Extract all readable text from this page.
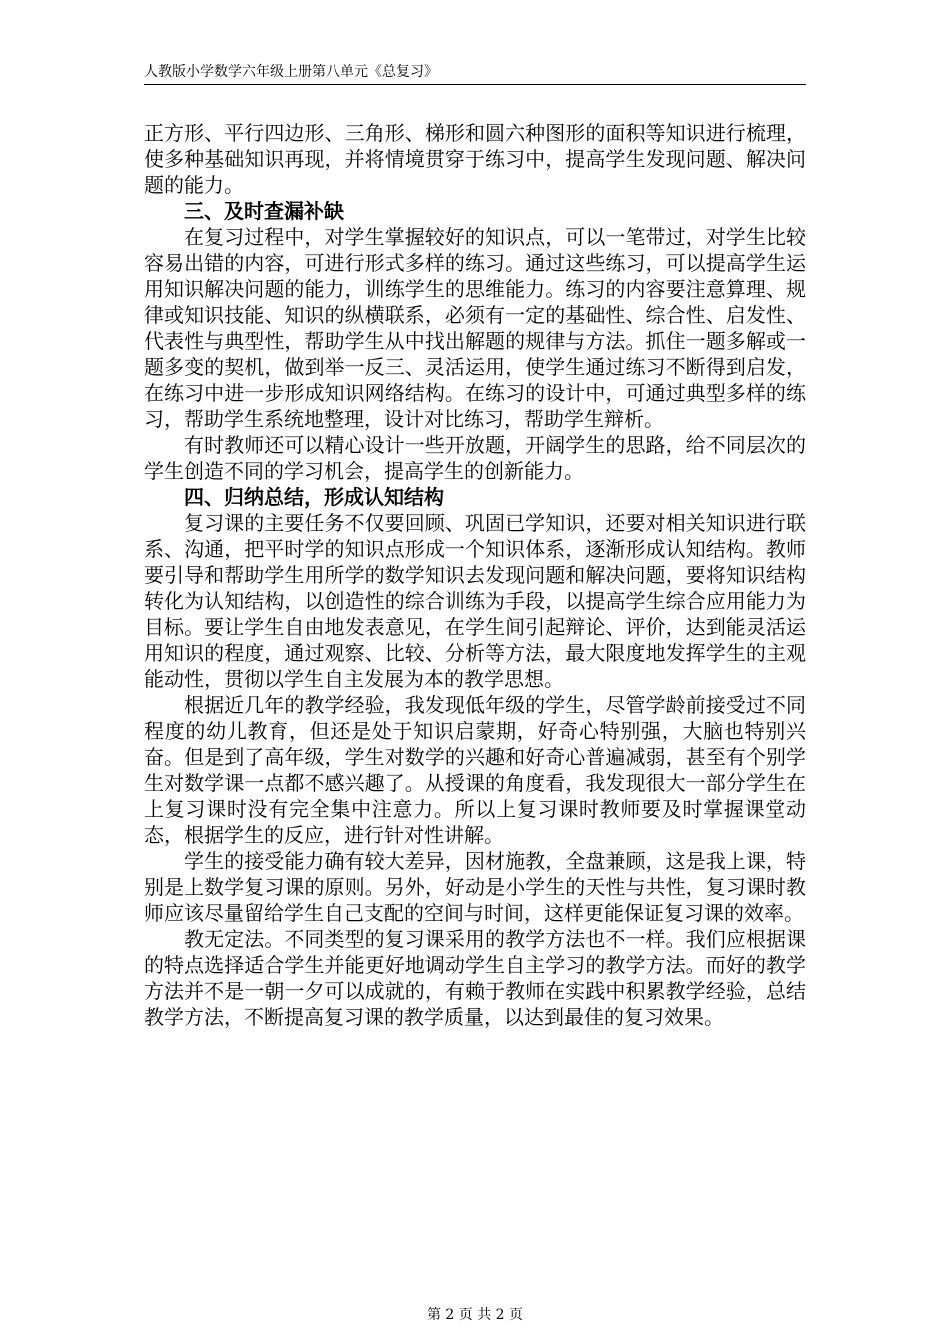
人教版小学数学六年级上册第八单元《总复习》

正方形、平行四边形、三角形、梯形和圆六种图形的面积等知识进行梳理，使多种基础知识再现，并将情境贯穿于练习中，提高学生发现问题、解决问题的能力。

三、及时查漏补缺

在复习过程中，对学生掌握较好的知识点，可以一笔带过，对学生比较容易出错的内容，可进行形式多样的练习。通过这些练习，可以提高学生运用知识解决问题的能力，训练学生的思维能力。练习的内容要注意算理、规律或知识技能、知识的纵横联系，必须有一定的基础性、综合性、启发性、代表性与典型性，帮助学生从中找出解题的规律与方法。抓住一题多解或一题多变的契机，做到举一反三、灵活运用，使学生通过练习不断得到启发，在练习中进一步形成知识网络结构。在练习的设计中，可通过典型多样的练习，帮助学生系统地整理，设计对比练习，帮助学生辩析。

有时教师还可以精心设计一些开放题，开阔学生的思路，给不同层次的学生创造不同的学习机会，提高学生的创新能力。

四、归纳总结，形成认知结构

复习课的主要任务不仅要回顾、巩固已学知识，还要对相关知识进行联系、沟通，把平时学的知识点形成一个知识体系，逐渐形成认知结构。教师要引导和帮助学生用所学的数学知识去发现问题和解决问题，要将知识结构转化为认知结构，以创造性的综合训练为手段，以提高学生综合应用能力为目标。要让学生自由地发表意见，在学生间引起辩论、评价，达到能灵活运用知识的程度，通过观察、比较、分析等方法，最大限度地发挥学生的主观能动性，贯彻以学生自主发展为本的教学思想。

根据近几年的教学经验，我发现低年级的学生，尽管学龄前接受过不同程度的幼儿教育，但还是处于知识启蒙期，好奇心特别强，大脑也特别兴奋。但是到了高年级，学生对数学的兴趣和好奇心普遍减弱，甚至有个别学生对数学课一点都不感兴趣了。从授课的角度看，我发现很大一部分学生在上复习课时没有完全集中注意力。所以上复习课时教师要及时掌握课堂动态，根据学生的反应，进行针对性讲解。

学生的接受能力确有较大差异，因材施教，全盘兼顾，这是我上课，特别是上数学复习课的原则。另外，好动是小学生的天性与共性，复习课时教师应该尽量留给学生自己支配的空间与时间，这样更能保证复习课的效率。

教无定法。不同类型的复习课采用的教学方法也不一样。我们应根据课的特点选择适合学生并能更好地调动学生自主学习的教学方法。而好的教学方法并不是一朝一夕可以成就的，有赖于教师在实践中积累教学经验，总结教学方法，不断提高复习课的教学质量，以达到最佳的复习效果。

第 2 页 共 2 页
